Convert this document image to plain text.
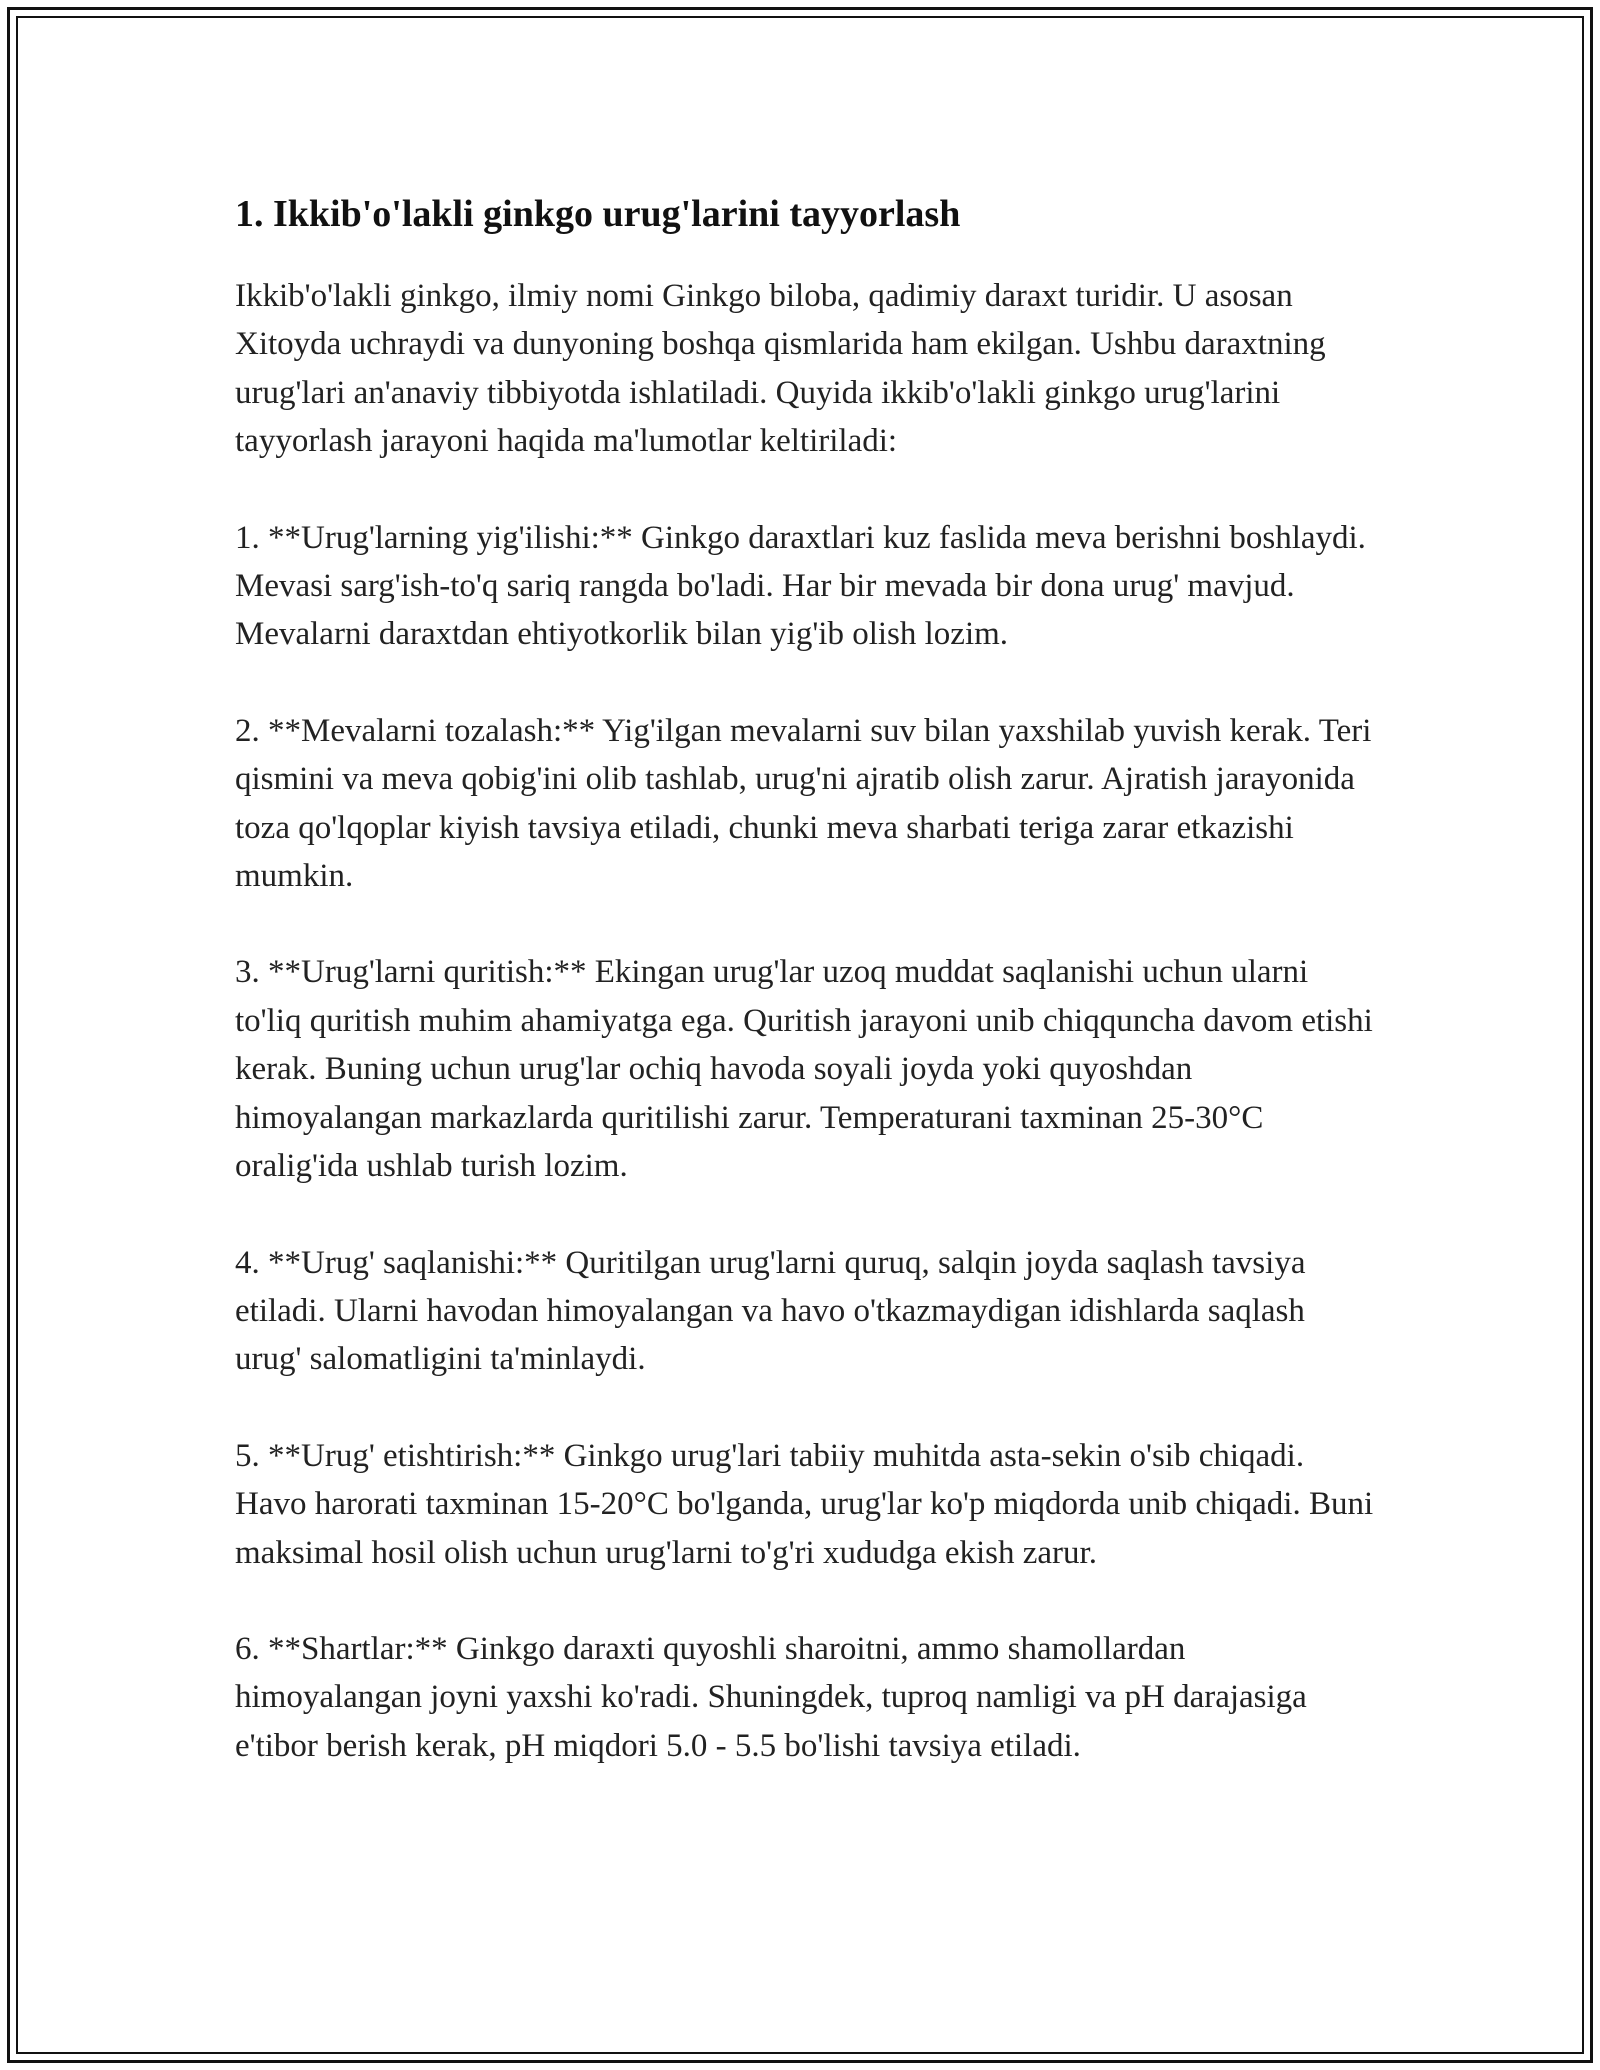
1. Ikkib'o'lakli ginkgo urug'larini tayyorlash

Ikkib'o'lakli ginkgo, ilmiy nomi Ginkgo biloba, qadimiy daraxt turidir. U asosan Xitoyda uchraydi va dunyoning boshqa qismlarida ham ekilgan. Ushbu daraxtning urug'lari an'anaviy tibbiyotda ishlatiladi. Quyida ikkib'o'lakli ginkgo urug'larini tayyorlash jarayoni haqida ma'lumotlar keltiriladi:

1. **Urug'larning yig'ilishi:** Ginkgo daraxtlari kuz faslida meva berishni boshlaydi. Mevasi sarg'ish-to'q sariq rangda bo'ladi. Har bir mevada bir dona urug' mavjud. Mevalarni daraxtdan ehtiyotkorlik bilan yig'ib olish lozim.

2. **Mevalarni tozalash:** Yig'ilgan mevalarni suv bilan yaxshilab yuvish kerak. Teri qismini va meva qobig'ini olib tashlab, urug'ni ajratib olish zarur. Ajratish jarayonida toza qo'lqoplar kiyish tavsiya etiladi, chunki meva sharbati teriga zarar etkazishi mumkin.

3. **Urug'larni quritish:** Ekingan urug'lar uzoq muddat saqlanishi uchun ularni to'liq quritish muhim ahamiyatga ega. Quritish jarayoni unib chiqquncha davom etishi kerak. Buning uchun urug'lar ochiq havoda soyali joyda yoki quyoshdan himoyalangan markazlarda quritilishi zarur. Temperaturani taxminan 25-30°C oralig'ida ushlab turish lozim.

4. **Urug' saqlanishi:** Quritilgan urug'larni quruq, salqin joyda saqlash tavsiya etiladi. Ularni havodan himoyalangan va havo o'tkazmaydigan idishlarda saqlash urug' salomatligini ta'minlaydi.

5. **Urug' etishtirish:** Ginkgo urug'lari tabiiy muhitda asta-sekin o'sib chiqadi. Havo harorati taxminan 15-20°C bo'lganda, urug'lar ko'p miqdorda unib chiqadi. Buni maksimal hosil olish uchun urug'larni to'g'ri xududga ekish zarur.

6. **Shartlar:** Ginkgo daraxti quyoshli sharoitni, ammo shamollardan himoyalangan joyni yaxshi ko'radi. Shuningdek, tuproq namligi va pH darajasiga e'tibor berish kerak, pH miqdori 5.0 - 5.5 bo'lishi tavsiya etiladi.
